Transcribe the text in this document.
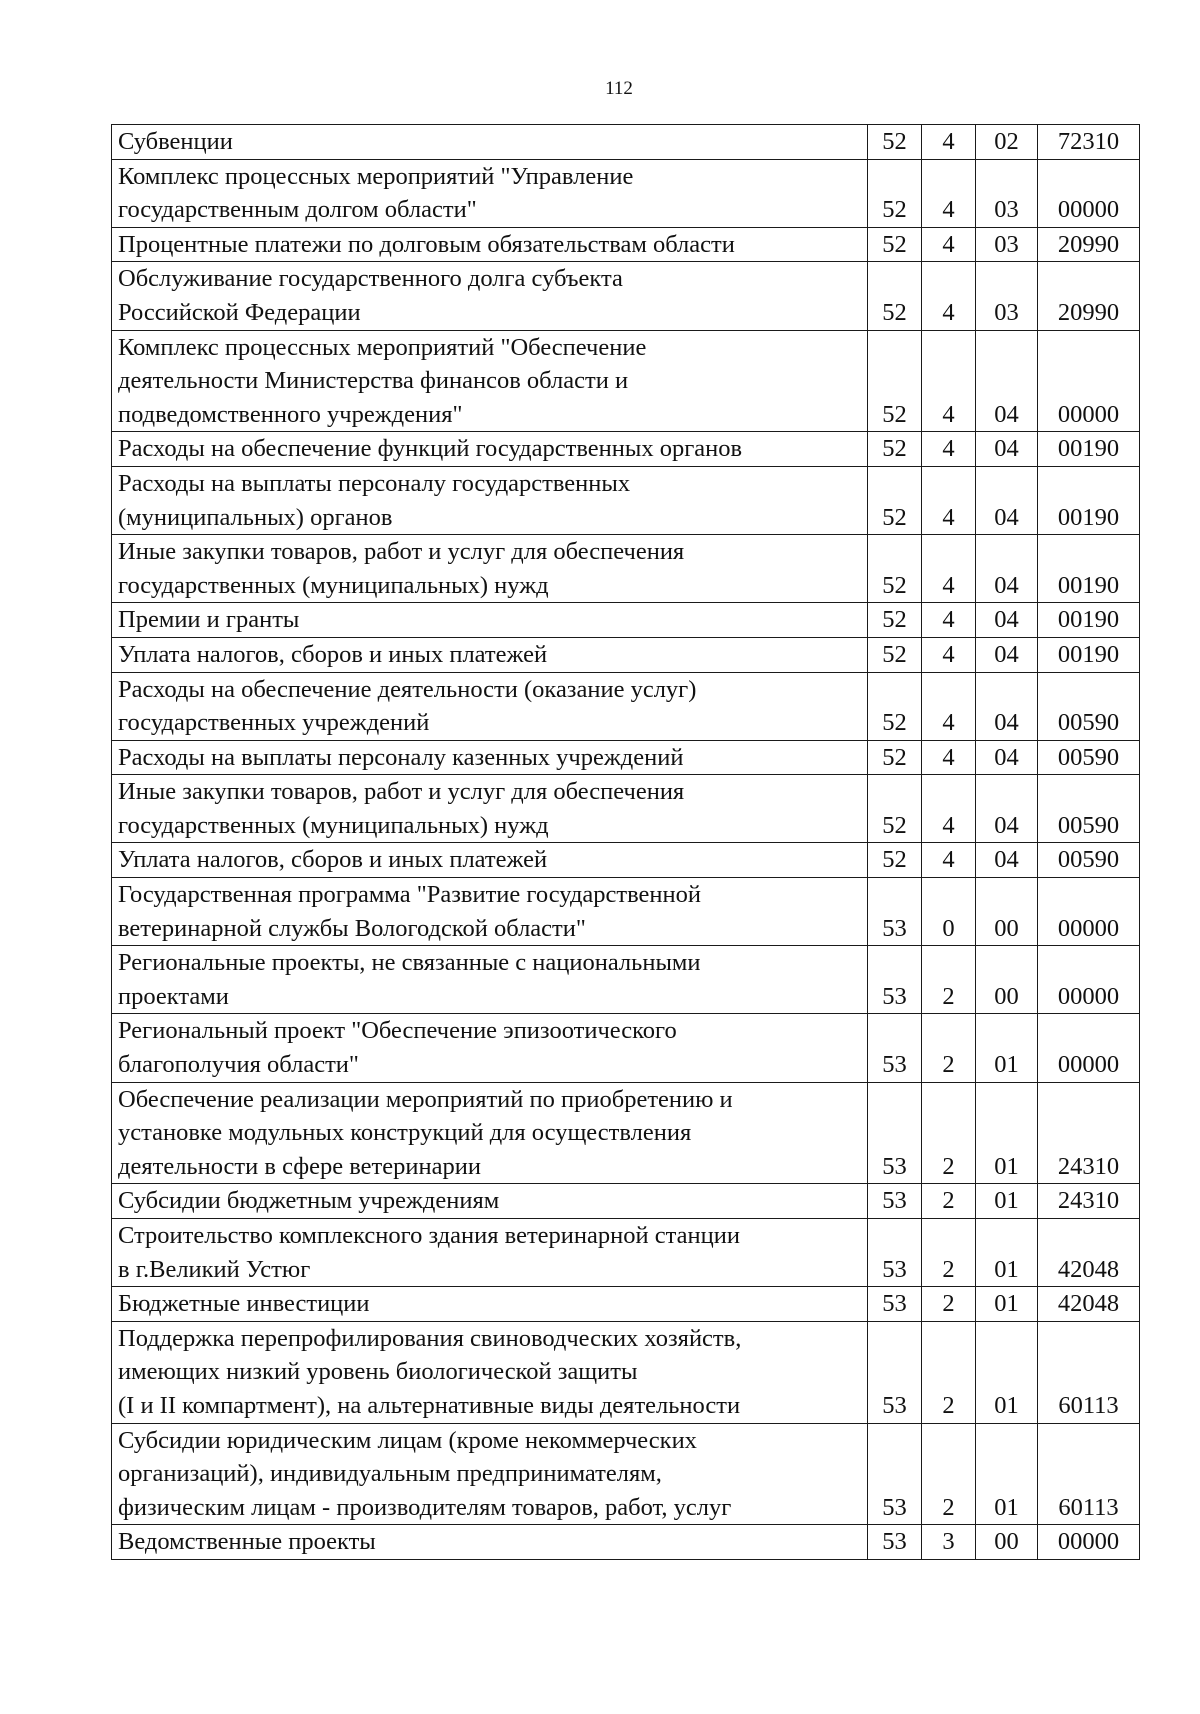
112
Субвенции	52	4	02	72310

Комплекс процессных мероприятий "Управление
государственным долгом области"	52	4	03	00000

Процентные платежи по долговым обязательствам области	52	4	03	20990

Обслуживание государственного долга субъекта
Российской Федерации	52	4	03	20990

Комплекс процессных мероприятий "Обеспечение
деятельности Министерства финансов области и
подведомственного учреждения"	52	4	04	00000

Расходы на обеспечение функций государственных органов	52	4	04	00190

Расходы на выплаты персоналу государственных
(муниципальных) органов	52	4	04	00190

Иные закупки товаров, работ и услуг для обеспечения
государственных (муниципальных) нужд	52	4	04	00190

Премии и гранты	52	4	04	00190

Уплата налогов, сборов и иных платежей	52	4	04	00190

Расходы на обеспечение деятельности (оказание услуг)
государственных учреждений	52	4	04	00590

Расходы на выплаты персоналу казенных учреждений	52	4	04	00590

Иные закупки товаров, работ и услуг для обеспечения
государственных (муниципальных) нужд	52	4	04	00590

Уплата налогов, сборов и иных платежей	52	4	04	00590

Государственная программа "Развитие государственной
ветеринарной службы Вологодской области"	53	0	00	00000

Региональные проекты, не связанные с национальными
проектами	53	2	00	00000

Региональный проект "Обеспечение эпизоотического
благополучия области"	53	2	01	00000

Обеспечение реализации мероприятий по приобретению и
установке модульных конструкций для осуществления
деятельности в сфере ветеринарии	53	2	01	24310

Субсидии бюджетным учреждениям	53	2	01	24310

Строительство комплексного здания ветеринарной станции
в г.Великий Устюг	53	2	01	42048

Бюджетные инвестиции	53	2	01	42048

Поддержка перепрофилирования свиноводческих хозяйств,
имеющих низкий уровень биологической защиты
(I и II компартмент), на альтернативные виды деятельности	53	2	01	60113

Субсидии юридическим лицам (кроме некоммерческих
организаций), индивидуальным предпринимателям,
физическим лицам - производителям товаров, работ, услуг	53	2	01	60113

Ведомственные проекты	53	3	00	00000
